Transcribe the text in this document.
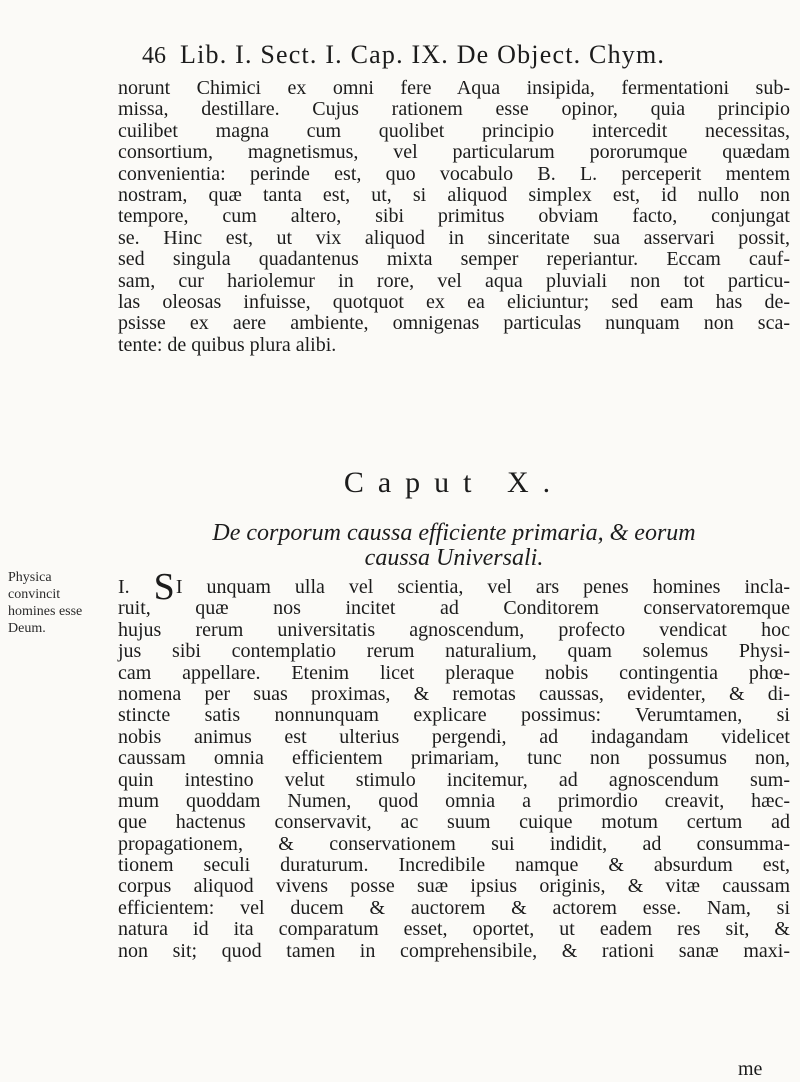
46 Lib. I. Sect. I. Cap. IX. De Object. Chym.
norunt Chimici ex omni fere Aqua insipida, fermentationi sub-
missa, destillare. Cujus rationem esse opinor, quia principio
cuilibet magna cum quolibet principio intercedit necessitas,
consortium, magnetismus, vel particularum pororumque quædam
convenientia: perinde est, quo vocabulo B. L. perceperit mentem
nostram, quæ tanta est, ut, si aliquod simplex est, id nullo non
tempore, cum altero, sibi primitus obviam facto, conjungat
se. Hinc est, ut vix aliquod in sinceritate sua asservari possit,
sed singula quadantenus mixta semper reperiantur. Eccam cauf-
sam, cur hariolemur in rore, vel aqua pluviali non tot particu-
las oleosas infuisse, quotquot ex ea eliciuntur; sed eam has de-
psisse ex aere ambiente, omnigenas particulas nunquam non sca-
tente: de quibus plura alibi.
Caput X.
De corporum caussa efficiente primaria, & eorum
caussa Universali.
Physica
convincit
homines esse
Deum.
I. SI unquam ulla vel scientia, vel ars penes homines incla-
ruit, quæ nos incitet ad Conditorem conservatoremque
hujus rerum universitatis agnoscendum, profecto vendicat hoc
jus sibi contemplatio rerum naturalium, quam solemus Physi-
cam appellare. Etenim licet pleraque nobis contingentia phœ-
nomena per suas proximas, & remotas caussas, evidenter, & di-
stincte satis nonnunquam explicare possimus: Verumtamen, si
nobis animus est ulterius pergendi, ad indagandam videlicet
caussam omnia efficientem primariam, tunc non possumus non,
quin intestino velut stimulo incitemur, ad agnoscendum sum-
mum quoddam Numen, quod omnia a primordio creavit, hæc-
que hactenus conservavit, ac suum cuique motum certum ad
propagationem, & conservationem sui indidit, ad consumma-
tionem seculi duraturum. Incredibile namque & absurdum est,
corpus aliquod vivens posse suæ ipsius originis, & vitæ caussam
efficientem: vel ducem & auctorem & actorem esse. Nam, si
natura id ita comparatum esset, oportet, ut eadem res sit, &
non sit; quod tamen in comprehensibile, & rationi sanæ maxi-
me
